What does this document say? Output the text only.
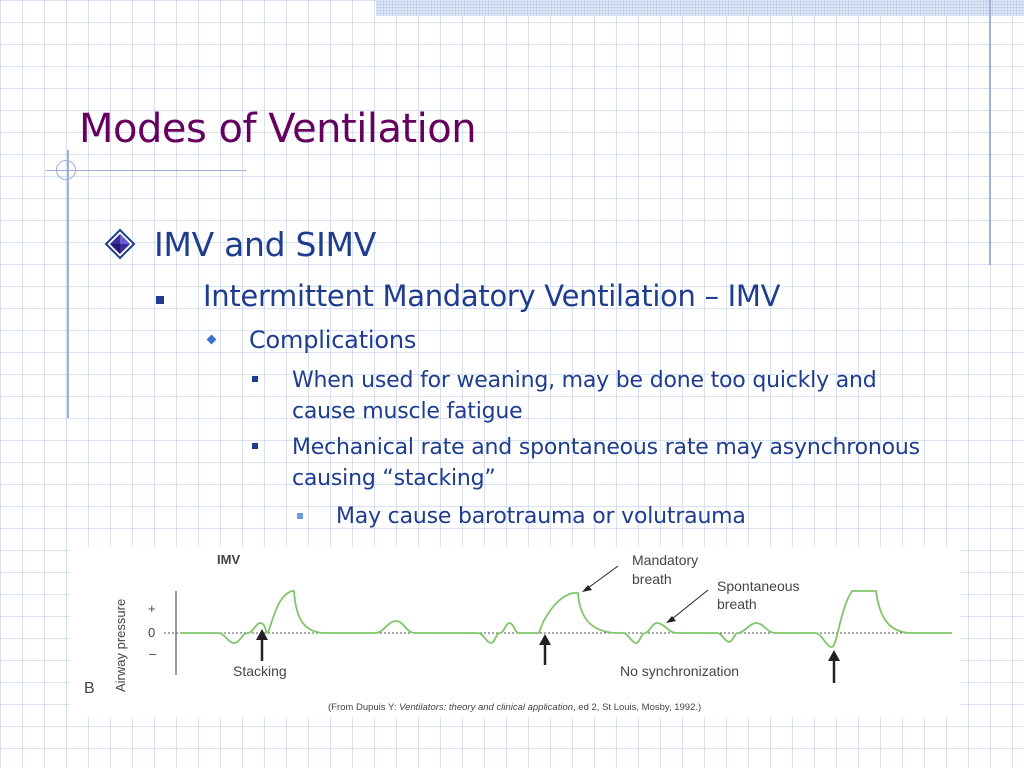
Modes of Ventilation
IMV and SIMV
Intermittent Mandatory Ventilation – IMV
Complications
When used for weaning, may be done too quickly and cause muscle fatigue
Mechanical rate and spontaneous rate may asynchronous causing “stacking”
May cause barotrauma or volutrauma
IMV
B Airway pressure +
0
–
Mandatory
breath	Spontaneous
breath
Stacking	No synchronization
(From Dupuis Y: Ventilators: theory and clinical application, ed 2, St Louis, Mosby, 1992.)
